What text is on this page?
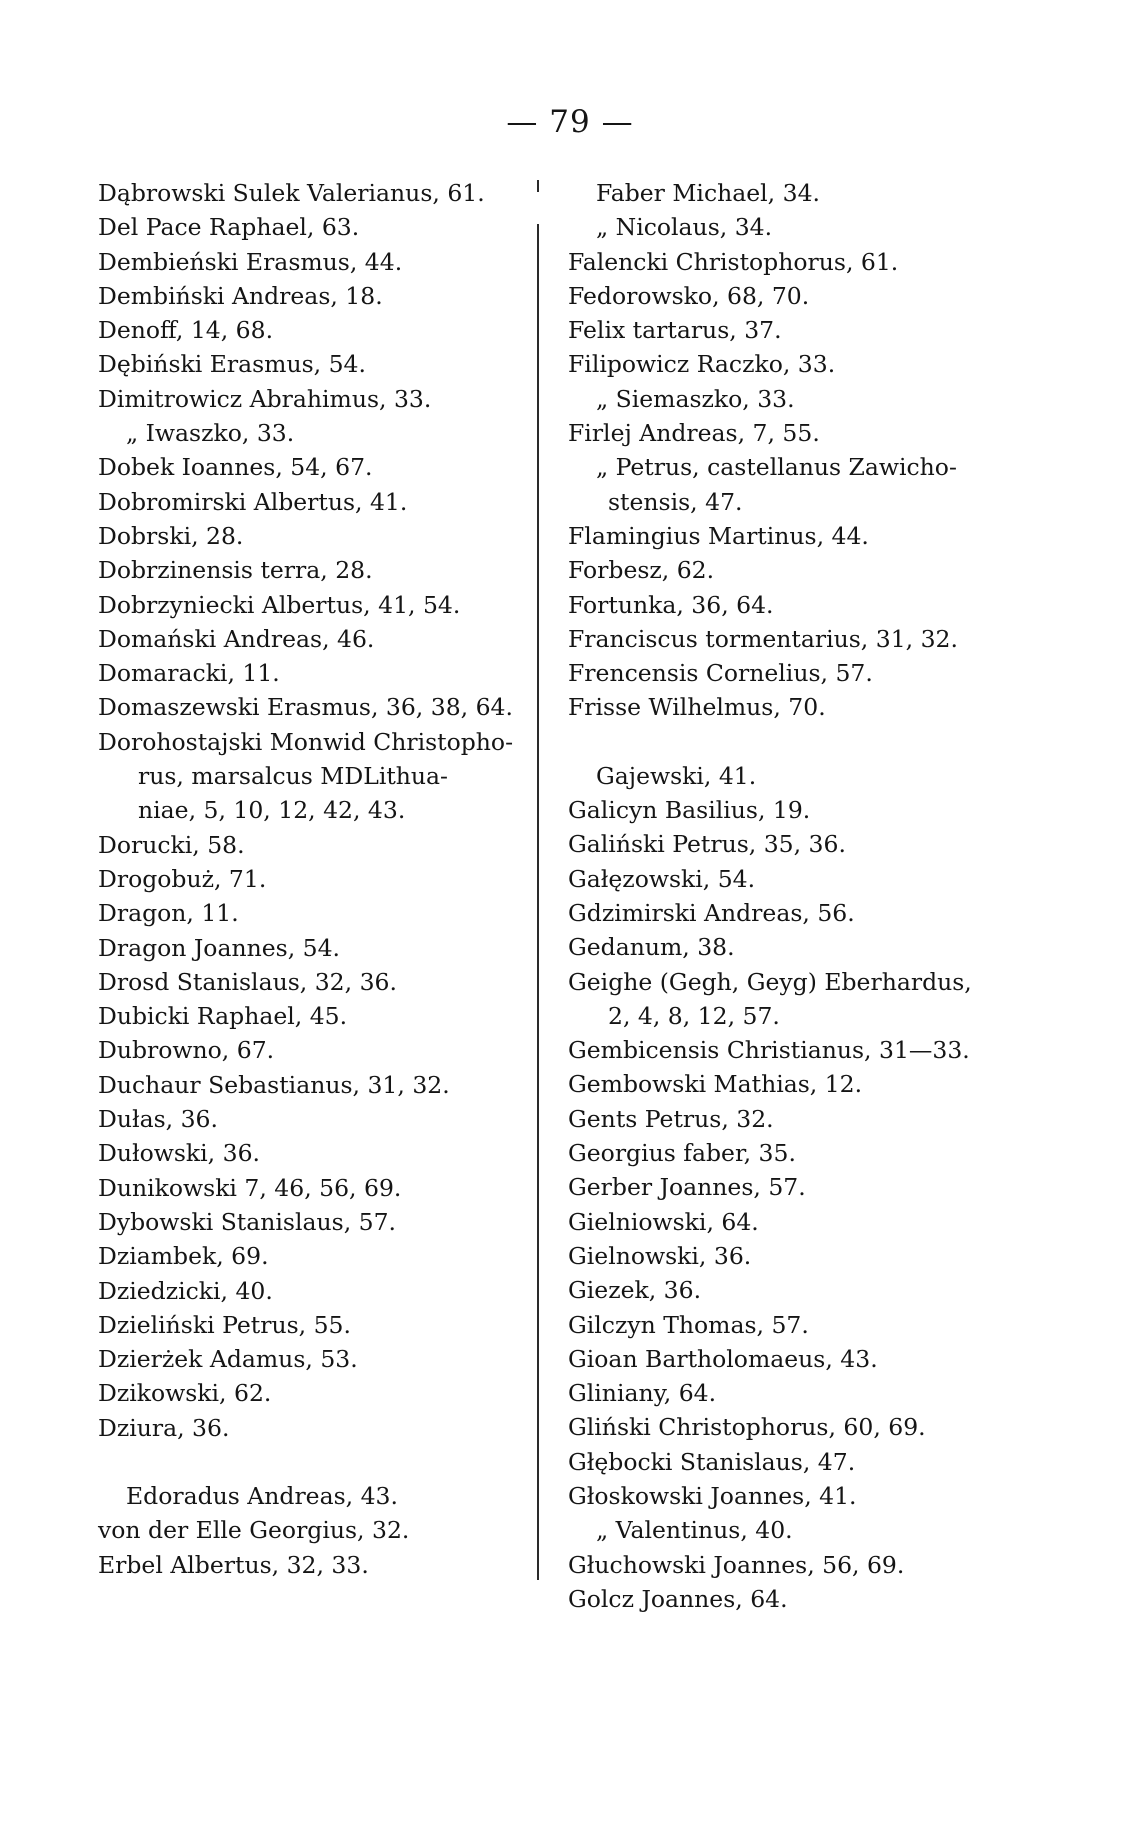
— 79 —
Dąbrowski Sulek Valerianus, 61.
Del Pace Raphael, 63.
Dembieński Erasmus, 44.
Dembiński Andreas, 18.
Denoff, 14, 68.
Dębiński Erasmus, 54.
Dimitrowicz Abrahimus, 33.
„ Iwaszko, 33.
Dobek Ioannes, 54, 67.
Dobromirski Albertus, 41.
Dobrski, 28.
Dobrzinensis terra, 28.
Dobrzyniecki Albertus, 41, 54.
Domański Andreas, 46.
Domaracki, 11.
Domaszewski Erasmus, 36, 38, 64.
Dorohostajski Monwid Christopho-
rus, marsalcus MDLithua-
niae, 5, 10, 12, 42, 43.
Dorucki, 58.
Drogobuż, 71.
Dragon, 11.
Dragon Joannes, 54.
Drosd Stanislaus, 32, 36.
Dubicki Raphael, 45.
Dubrowno, 67.
Duchaur Sebastianus, 31, 32.
Dułas, 36.
Dułowski, 36.
Dunikowski 7, 46, 56, 69.
Dybowski Stanislaus, 57.
Dziambek, 69.
Dziedzicki, 40.
Dzieliński Petrus, 55.
Dzierżek Adamus, 53.
Dzikowski, 62.
Dziura, 36.
Edoradus Andreas, 43.
von der Elle Georgius, 32.
Erbel Albertus, 32, 33.
Faber Michael, 34.
„ Nicolaus, 34.
Falencki Christophorus, 61.
Fedorowsko, 68, 70.
Felix tartarus, 37.
Filipowicz Raczko, 33.
„ Siemaszko, 33.
Firlej Andreas, 7, 55.
„ Petrus, castellanus Zawicho-
stensis, 47.
Flamingius Martinus, 44.
Forbesz, 62.
Fortunka, 36, 64.
Franciscus tormentarius, 31, 32.
Frencensis Cornelius, 57.
Frisse Wilhelmus, 70.
Gajewski, 41.
Galicyn Basilius, 19.
Galiński Petrus, 35, 36.
Gałęzowski, 54.
Gdzimirski Andreas, 56.
Gedanum, 38.
Geighe (Gegh, Geyg) Eberhardus,
2, 4, 8, 12, 57.
Gembicensis Christianus, 31—33.
Gembowski Mathias, 12.
Gents Petrus, 32.
Georgius faber, 35.
Gerber Joannes, 57.
Gielniowski, 64.
Gielnowski, 36.
Giezek, 36.
Gilczyn Thomas, 57.
Gioan Bartholomaeus, 43.
Gliniany, 64.
Gliński Christophorus, 60, 69.
Głębocki Stanislaus, 47.
Głoskowski Joannes, 41.
„ Valentinus, 40.
Głuchowski Joannes, 56, 69.
Golcz Joannes, 64.
